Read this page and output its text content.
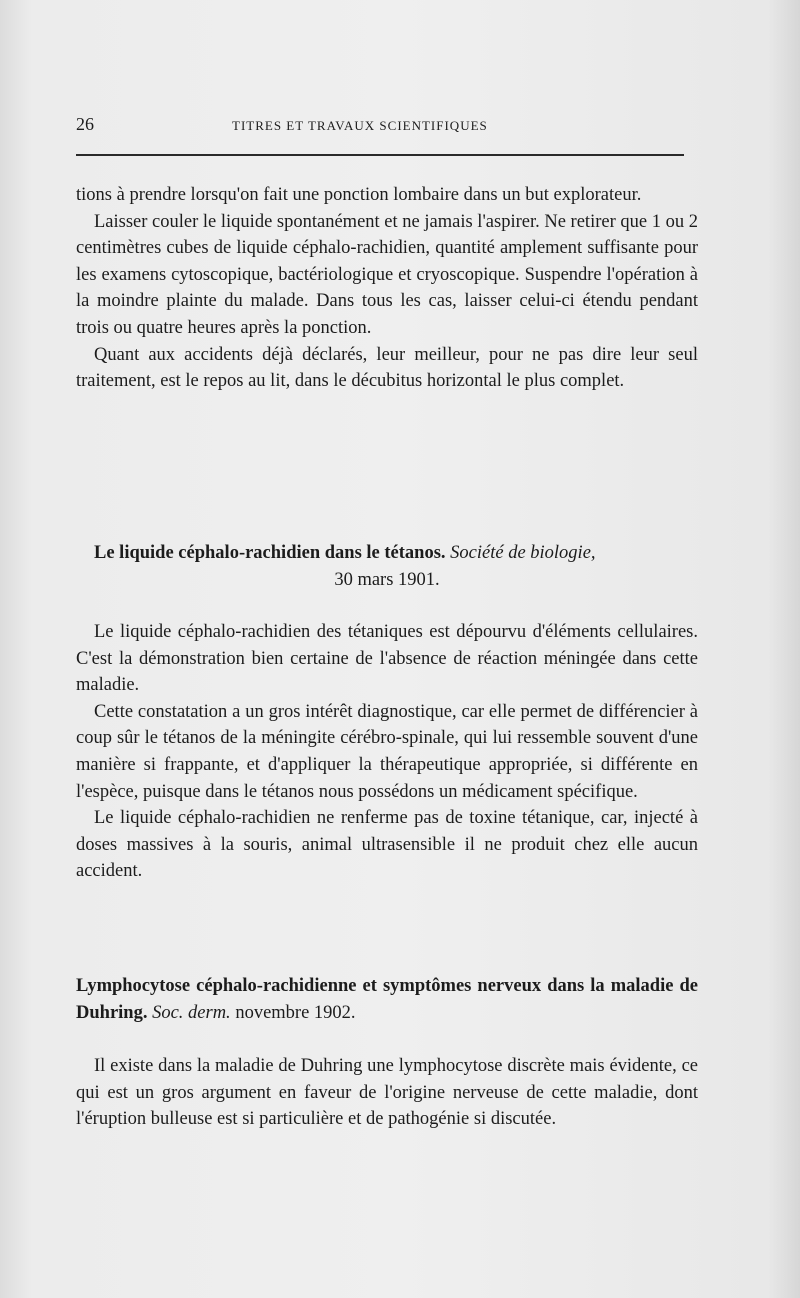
26	TITRES ET TRAVAUX SCIENTIFIQUES

tions à prendre lorsqu'on fait une ponction lombaire dans un but explorateur.

Laisser couler le liquide spontanément et ne jamais l'aspirer. Ne retirer que 1 ou 2 centimètres cubes de liquide céphalo-rachidien, quantité amplement suffisante pour les examens cytoscopique, bactériologique et cryoscopique. Suspendre l'opération à la moindre plainte du malade. Dans tous les cas, laisser celui-ci étendu pendant trois ou quatre heures après la ponction.

Quant aux accidents déjà déclarés, leur meilleur, pour ne pas dire leur seul traitement, est le repos au lit, dans le décubitus horizontal le plus complet.

Le liquide céphalo-rachidien dans le tétanos. Société de biologie,

30 mars 1901.

Le liquide céphalo-rachidien des tétaniques est dépourvu d'éléments cellulaires. C'est la démonstration bien certaine de l'absence de réaction méningée dans cette maladie.

Cette constatation a un gros intérêt diagnostique, car elle permet de différencier à coup sûr le tétanos de la méningite cérébro-spinale, qui lui ressemble souvent d'une manière si frappante, et d'appliquer la thérapeutique appropriée, si différente en l'espèce, puisque dans le tétanos nous possédons un médicament spécifique.

Le liquide céphalo-rachidien ne renferme pas de toxine tétanique, car, injecté à doses massives à la souris, animal ultrasensible il ne produit chez elle aucun accident.

Lymphocytose céphalo-rachidienne et symptômes nerveux dans la maladie de Duhring. Soc. derm. novembre 1902.

Il existe dans la maladie de Duhring une lymphocytose discrète mais évidente, ce qui est un gros argument en faveur de l'origine nerveuse de cette maladie, dont l'éruption bulleuse est si particulière et de pathogénie si discutée.
